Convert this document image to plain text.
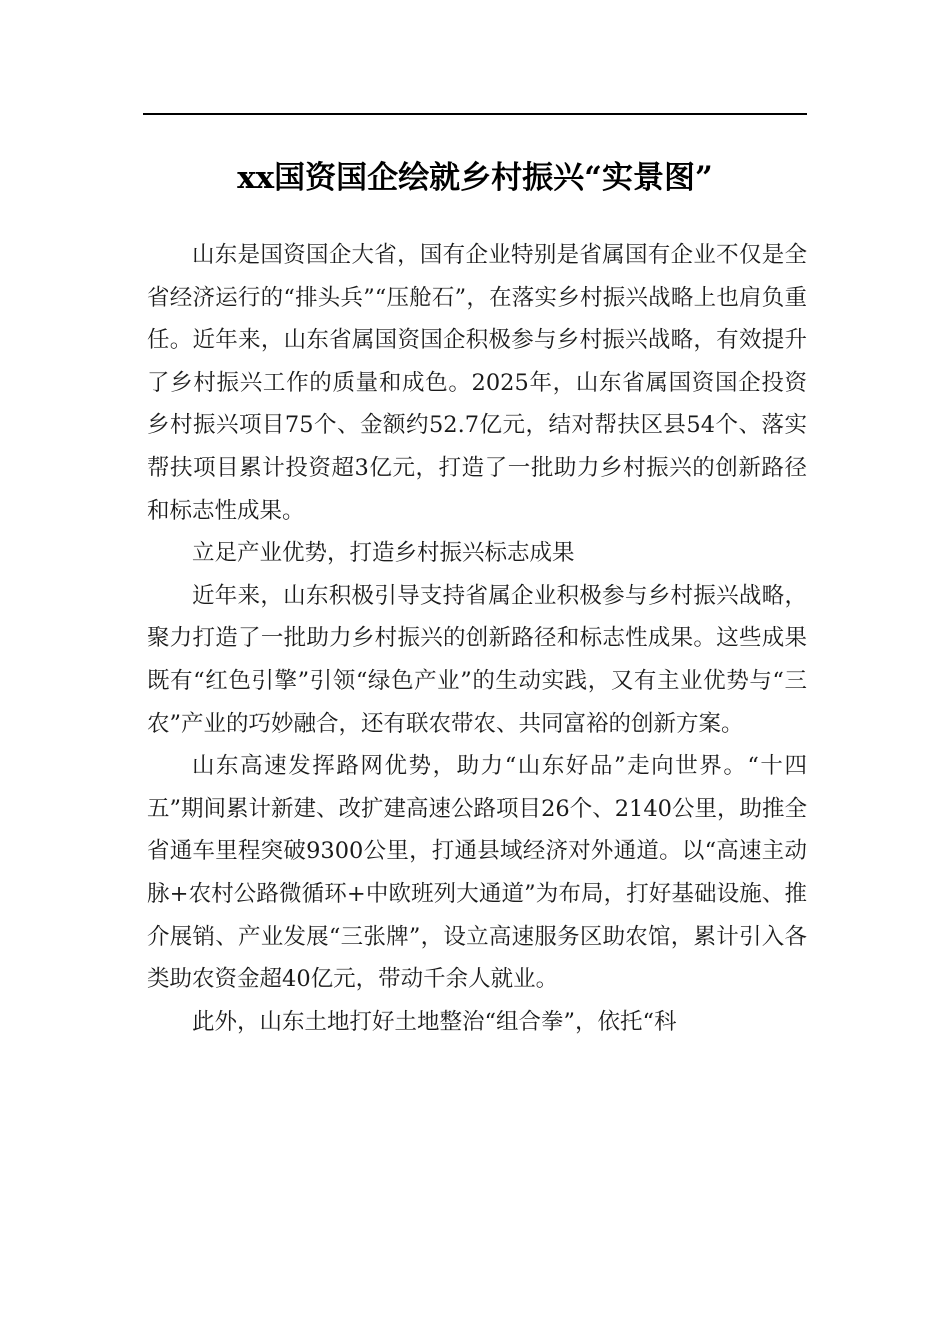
xx国资国企绘就乡村振兴“实景图”

山东是国资国企大省，国有企业特别是省属国有企业不仅是全省经济运行的“排头兵”“压舱石”，在落实乡村振兴战略上也肩负重任。近年来，山东省属国资国企积极参与乡村振兴战略，有效提升了乡村振兴工作的质量和成色。2025年，山东省属国资国企投资乡村振兴项目75个、金额约52.7亿元，结对帮扶区县54个、落实帮扶项目累计投资超3亿元，打造了一批助力乡村振兴的创新路径和标志性成果。

立足产业优势，打造乡村振兴标志成果

近年来，山东积极引导支持省属企业积极参与乡村振兴战略，聚力打造了一批助力乡村振兴的创新路径和标志性成果。这些成果既有“红色引擎”引领“绿色产业”的生动实践，又有主业优势与“三农”产业的巧妙融合，还有联农带农、共同富裕的创新方案。

山东高速发挥路网优势，助力“山东好品”走向世界。“十四五”期间累计新建、改扩建高速公路项目26个、2140公里，助推全省通车里程突破9300公里，打通县域经济对外通道。以“高速主动脉+农村公路微循环+中欧班列大通道”为布局，打好基础设施、推介展销、产业发展“三张牌”，设立高速服务区助农馆，累计引入各类助农资金超40亿元，带动千余人就业。

此外，山东土地打好土地整治“组合拳”，依托“科
